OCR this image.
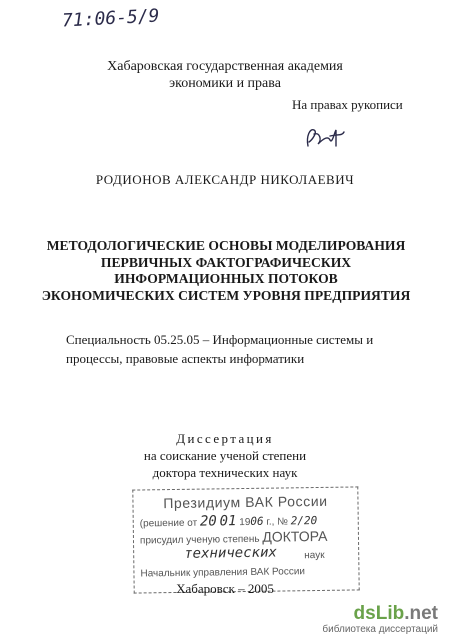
71:06-5/9
Хабаровская государственная академия
экономики и права
На правах рукописи
РОДИОНОВ АЛЕКСАНДР НИКОЛАЕВИЧ
МЕТОДОЛОГИЧЕСКИЕ ОСНОВЫ МОДЕЛИРОВАНИЯ
ПЕРВИЧНЫХ ФАКТОГРАФИЧЕСКИХ
ИНФОРМАЦИОННЫХ ПОТОКОВ
ЭКОНОМИЧЕСКИХ СИСТЕМ УРОВНЯ ПРЕДПРИЯТИЯ
Специальность 05.25.05 – Информационные системы и
процессы, правовые аспекты информатики
Диссертация
на соискание ученой степени
доктора технических наук
Президиум ВАК России
(решение от 20 01 1906 г., № 2/20
присудил ученую степень ДОКТОРА
технических	наук
Начальник управления ВАК России
Хабаровск – 2005
dsLib.net
библиотека диссертаций
